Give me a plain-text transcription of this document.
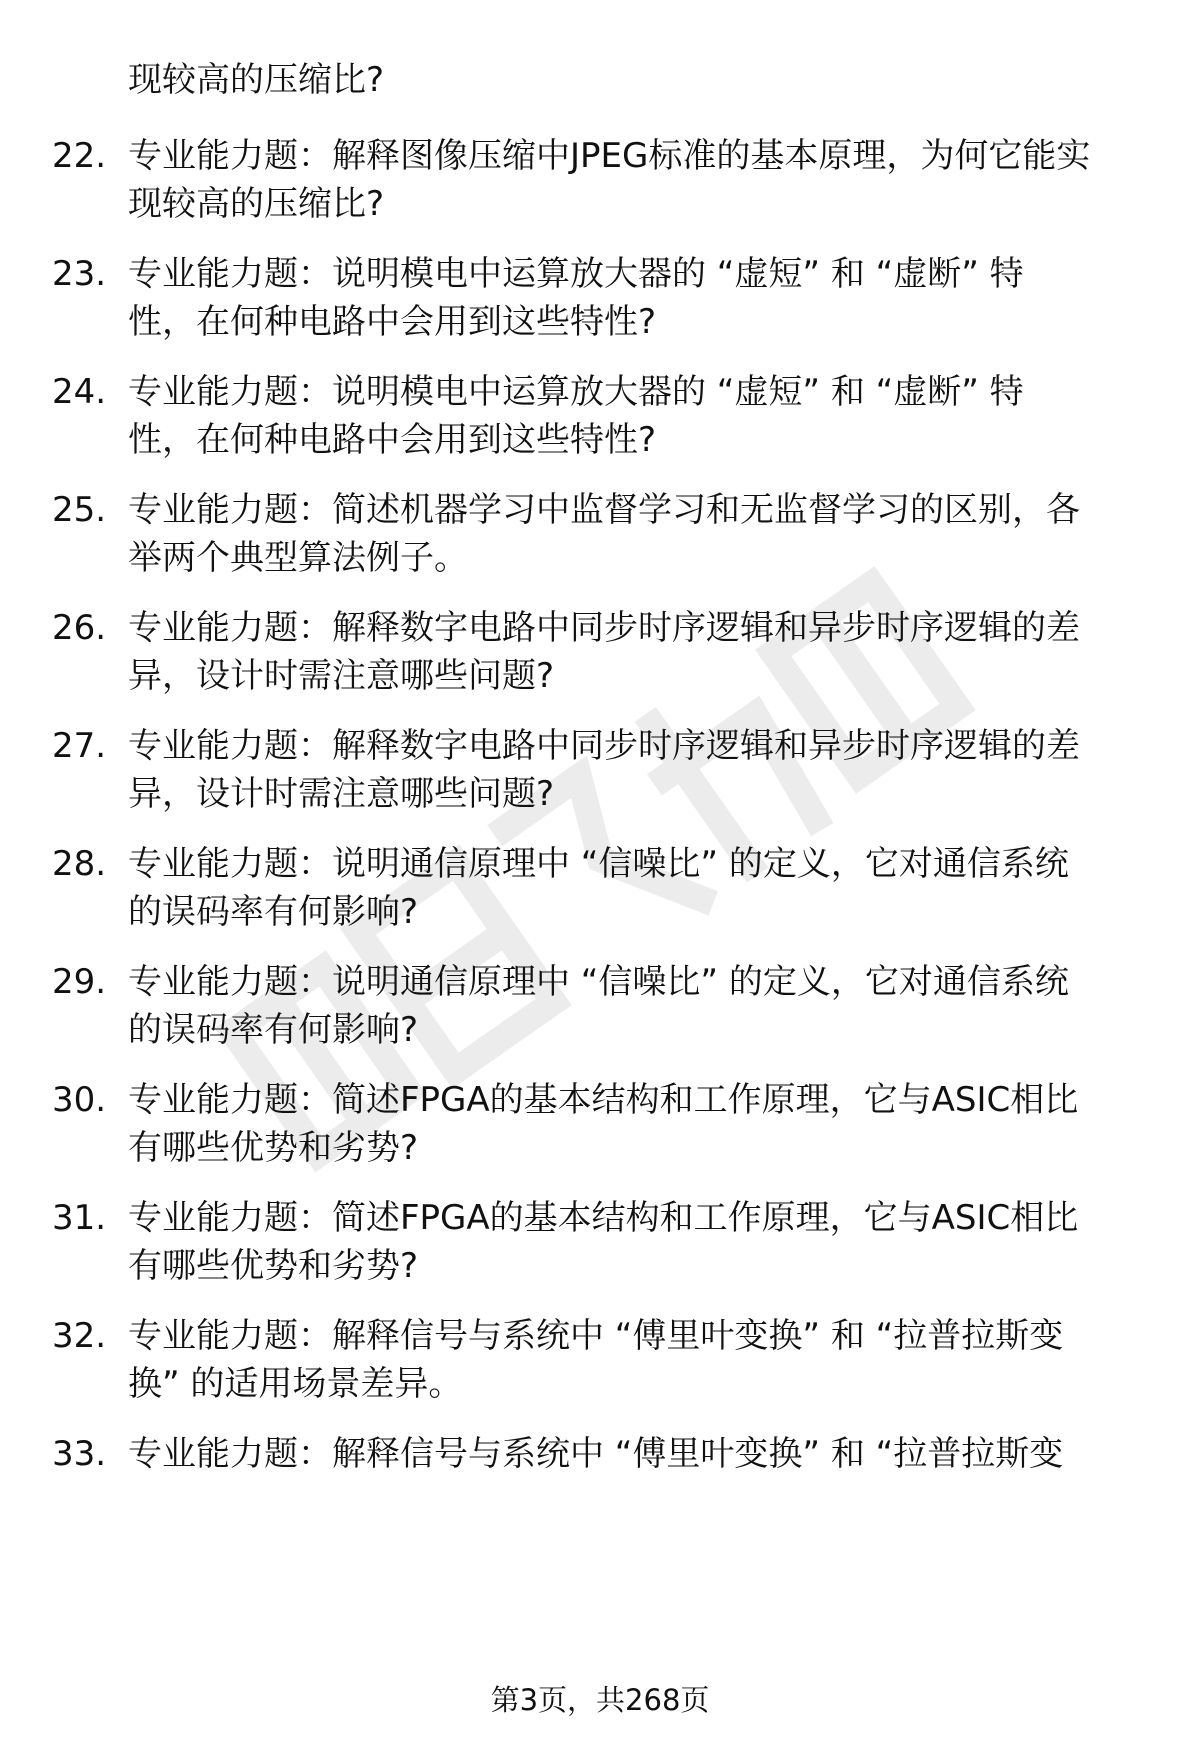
现较高的压缩比?
22. 专业能力题：解释图像压缩中JPEG标准的基本原理，为何它能实
现较高的压缩比?
23. 专业能力题：说明模电中运算放大器的 “虚短” 和 “虚断” 特
性，在何种电路中会用到这些特性?
24. 专业能力题：说明模电中运算放大器的 “虚短” 和 “虚断” 特
性，在何种电路中会用到这些特性?
25. 专业能力题：简述机器学习中监督学习和无监督学习的区别，各
举两个典型算法例子。
26. 专业能力题：解释数字电路中同步时序逻辑和异步时序逻辑的差
异，设计时需注意哪些问题?
27. 专业能力题：解释数字电路中同步时序逻辑和异步时序逻辑的差
异，设计时需注意哪些问题?
28. 专业能力题：说明通信原理中 “信噪比” 的定义，它对通信系统
的误码率有何影响?
29. 专业能力题：说明通信原理中 “信噪比” 的定义，它对通信系统
的误码率有何影响?
30. 专业能力题：简述FPGA的基本结构和工作原理，它与ASIC相比
有哪些优势和劣势?
31. 专业能力题：简述FPGA的基本结构和工作原理，它与ASIC相比
有哪些优势和劣势?
32. 专业能力题：解释信号与系统中 “傅里叶变换” 和 “拉普拉斯变
换” 的适用场景差异。
33. 专业能力题：解释信号与系统中 “傅里叶变换” 和 “拉普拉斯变
第3页，共268页
